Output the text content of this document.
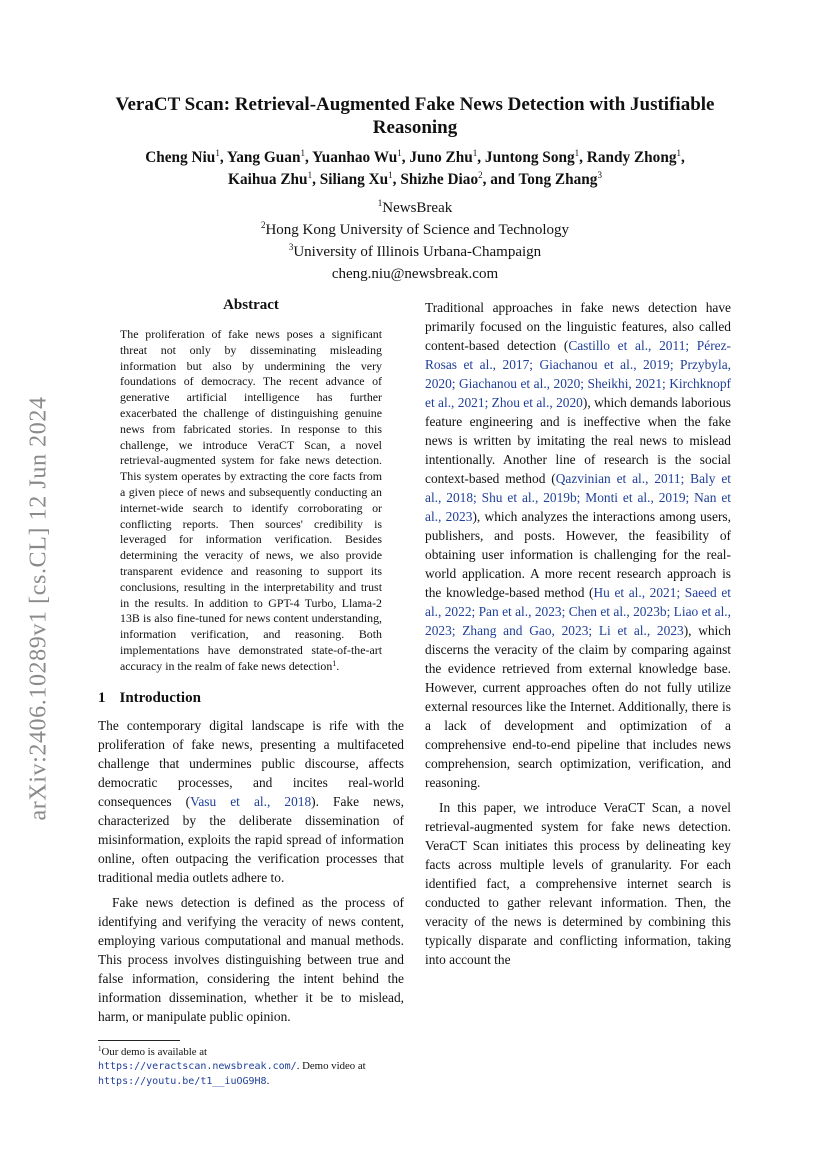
arXiv:2406.10289v1 [cs.CL] 12 Jun 2024
VeraCT Scan: Retrieval-Augmented Fake News Detection with Justifiable Reasoning
Cheng Niu$^1$, Yang Guan$^1$, Yuanhao Wu$^1$, Juno Zhu$^1$, Juntong Song$^1$, Randy Zhong$^1$,
Kaihua Zhu$^1$, Siliang Xu$^1$, Shizhe Diao$^2$, and Tong Zhang$^3$
$^1$NewsBreak
$^2$Hong Kong University of Science and Technology
$^3$University of Illinois Urbana-Champaign
cheng.niu@newsbreak.com
Abstract
The proliferation of fake news poses a significant threat not only by disseminating misleading information but also by undermining the very foundations of democracy. The recent advance of generative artificial intelligence has further exacerbated the challenge of distinguishing genuine news from fabricated stories. In response to this challenge, we introduce VeraCT Scan, a novel retrieval-augmented system for fake news detection. This system operates by extracting the core facts from a given piece of news and subsequently conducting an internet-wide search to identify corroborating or conflicting reports. Then sources' credibility is leveraged for information verification. Besides determining the veracity of news, we also provide transparent evidence and reasoning to support its conclusions, resulting in the interpretability and trust in the results. In addition to GPT-4 Turbo, Llama-2 13B is also fine-tuned for news content understanding, information verification, and reasoning. Both implementations have demonstrated state-of-the-art accuracy in the realm of fake news detection$^1$.
1 Introduction

The contemporary digital landscape is rife with the proliferation of fake news, presenting a multifaceted challenge that undermines public discourse, affects democratic processes, and incites real-world consequences (Vasu et al., 2018). Fake news, characterized by the deliberate dissemination of misinformation, exploits the rapid spread of information online, often outpacing the verification processes that traditional media outlets adhere to.

Fake news detection is defined as the process of identifying and verifying the veracity of news content, employing various computational and manual methods. This process involves distinguishing between true and false information, considering the intent behind the information dissemination, whether it be to mislead, harm, or manipulate public opinion.

$^1$Our demo is available at https://veractscan.newsbreak.com/. Demo video at https://youtu.be/t1__iuOG9H8.

Traditional approaches in fake news detection have primarily focused on the linguistic features, also called content-based detection (Castillo et al., 2011; Pérez-Rosas et al., 2017; Giachanou et al., 2019; Przybyla, 2020; Giachanou et al., 2020; Sheikhi, 2021; Kirchknopf et al., 2021; Zhou et al., 2020), which demands laborious feature engineering and is ineffective when the fake news is written by imitating the real news to mislead intentionally. Another line of research is the social context-based method (Qazvinian et al., 2011; Baly et al., 2018; Shu et al., 2019b; Monti et al., 2019; Nan et al., 2023), which analyzes the interactions among users, publishers, and posts. However, the feasibility of obtaining user information is challenging for the real-world application. A more recent research approach is the knowledge-based method (Hu et al., 2021; Saeed et al., 2022; Pan et al., 2023; Chen et al., 2023b; Liao et al., 2023; Zhang and Gao, 2023; Li et al., 2023), which discerns the veracity of the claim by comparing against the evidence retrieved from external knowledge base. However, current approaches often do not fully utilize external resources like the Internet. Additionally, there is a lack of development and optimization of a comprehensive end-to-end pipeline that includes news comprehension, search optimization, verification, and reasoning.

In this paper, we introduce VeraCT Scan, a novel retrieval-augmented system for fake news detection. VeraCT Scan initiates this process by delineating key facts across multiple levels of granularity. For each identified fact, a comprehensive internet search is conducted to gather relevant information. Then, the veracity of the news is determined by combining this typically disparate and conflicting information, taking into account the
